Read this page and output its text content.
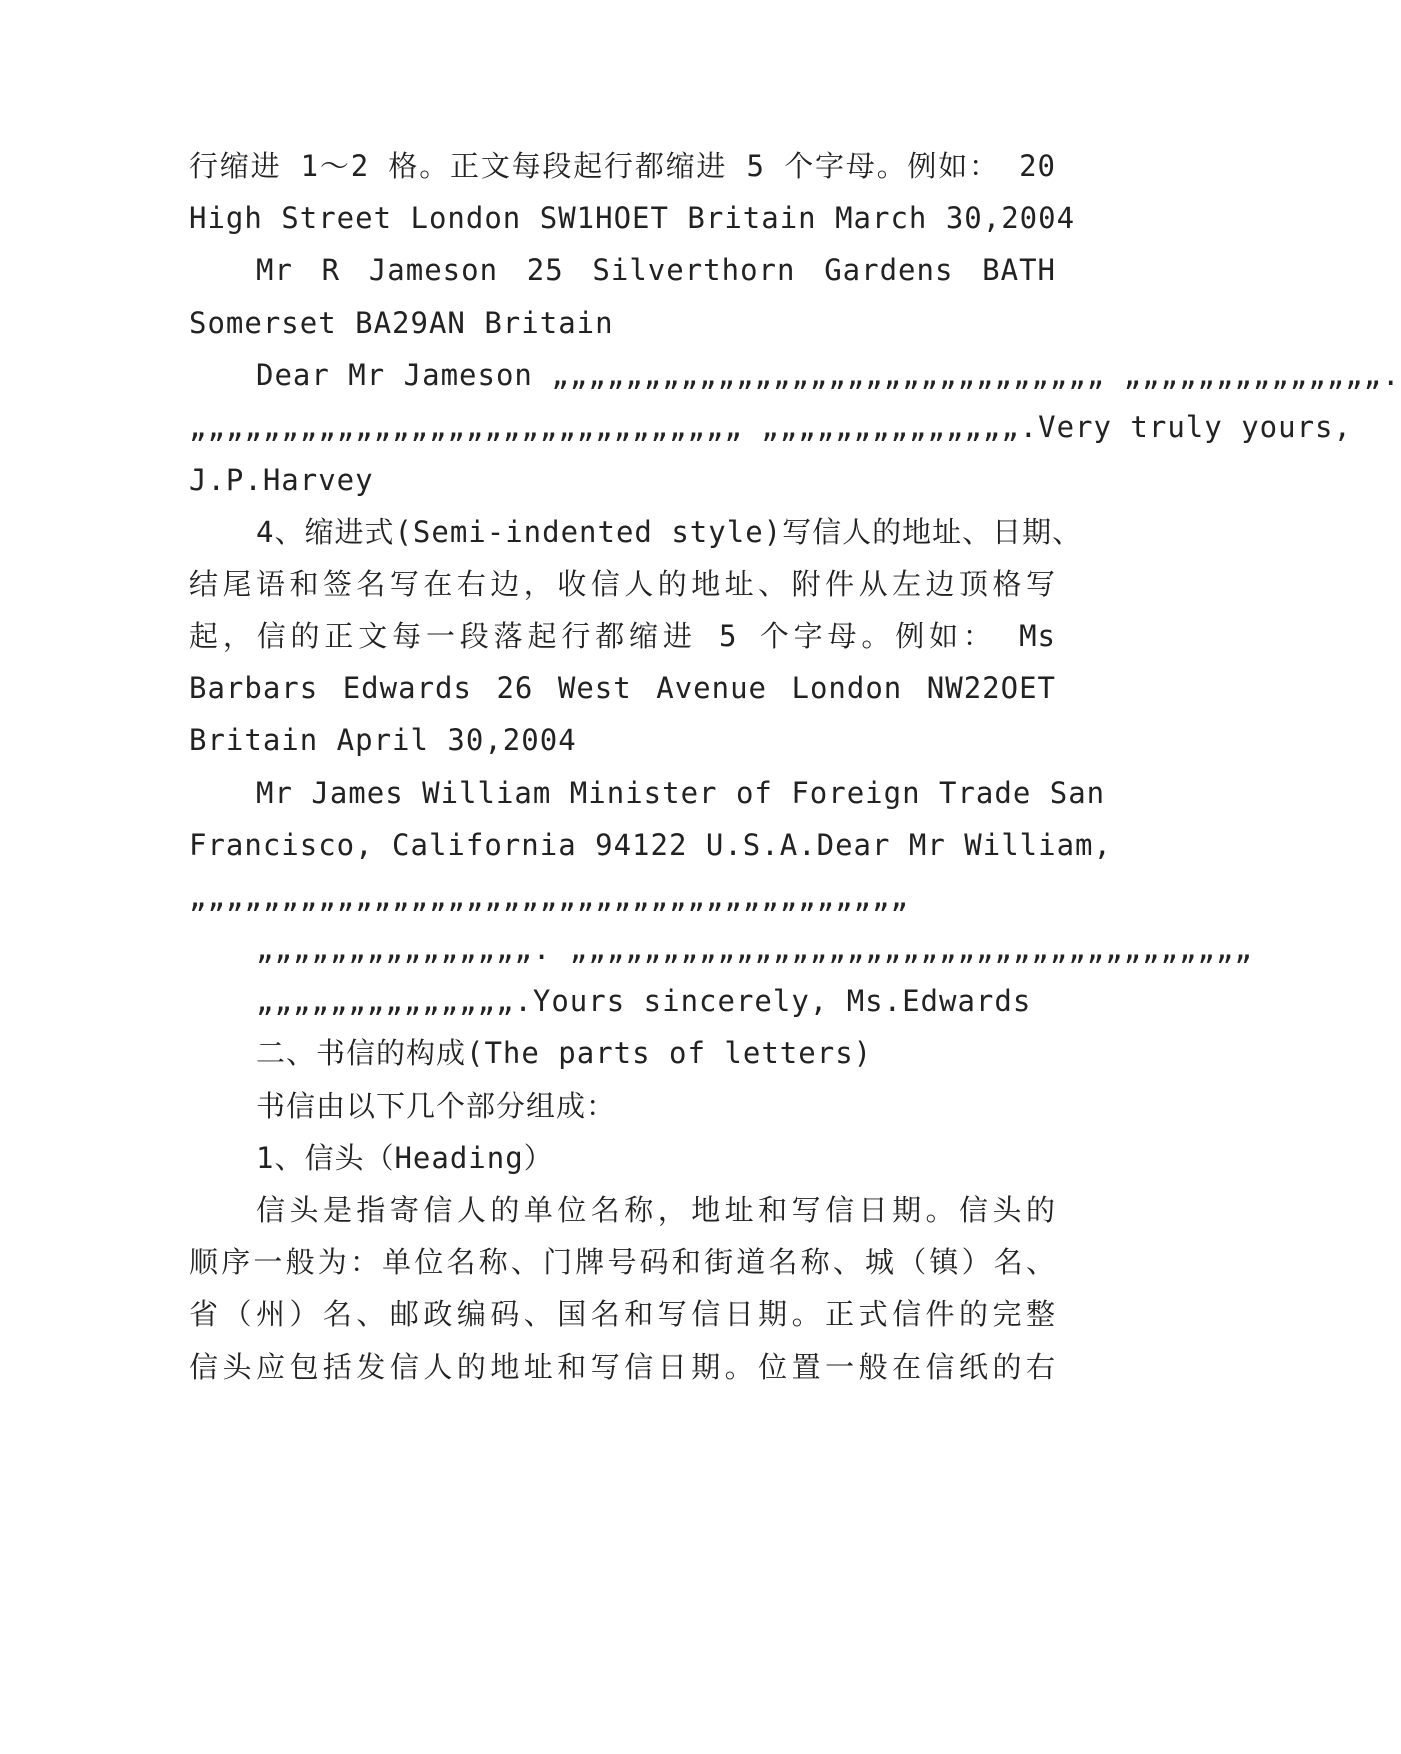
行缩进 1～2 格。正文每段起行都缩进 5 个字母。例如： 20
High Street London SW1HOET Britain March 30,2004
Mr R Jameson 25 Silverthorn Gardens BATH
Somerset BA29AN Britain
Dear Mr Jameson „„„„„„„„„„„„„„„„„„„„„„„„„„„„„„ „„„„„„„„„„„„„„.
„„„„„„„„„„„„„„„„„„„„„„„„„„„„„„ „„„„„„„„„„„„„„.Very truly yours,
J.P.Harvey
4、缩进式(Semi-indented style)写信人的地址、日期、
结尾语和签名写在右边，收信人的地址、附件从左边顶格写
起，信的正文每一段落起行都缩进 5 个字母。例如： Ms
Barbars Edwards 26 West Avenue London NW22OET
Britain April 30,2004
Mr James William Minister of Foreign Trade San
Francisco, California 94122 U.S.A.Dear Mr William,
„„„„„„„„„„„„„„„„„„„„„„„„„„„„„„„„„„„„„„„
„„„„„„„„„„„„„„„. „„„„„„„„„„„„„„„„„„„„„„„„„„„„„„„„„„„„„
„„„„„„„„„„„„„„.Yours sincerely, Ms.Edwards
二、书信的构成(The parts of letters)
书信由以下几个部分组成：
1、信头（Heading）
信头是指寄信人的单位名称，地址和写信日期。信头的
顺序一般为：单位名称、门牌号码和街道名称、城（镇）名、
省（州）名、邮政编码、国名和写信日期。正式信件的完整
信头应包括发信人的地址和写信日期。位置一般在信纸的右
